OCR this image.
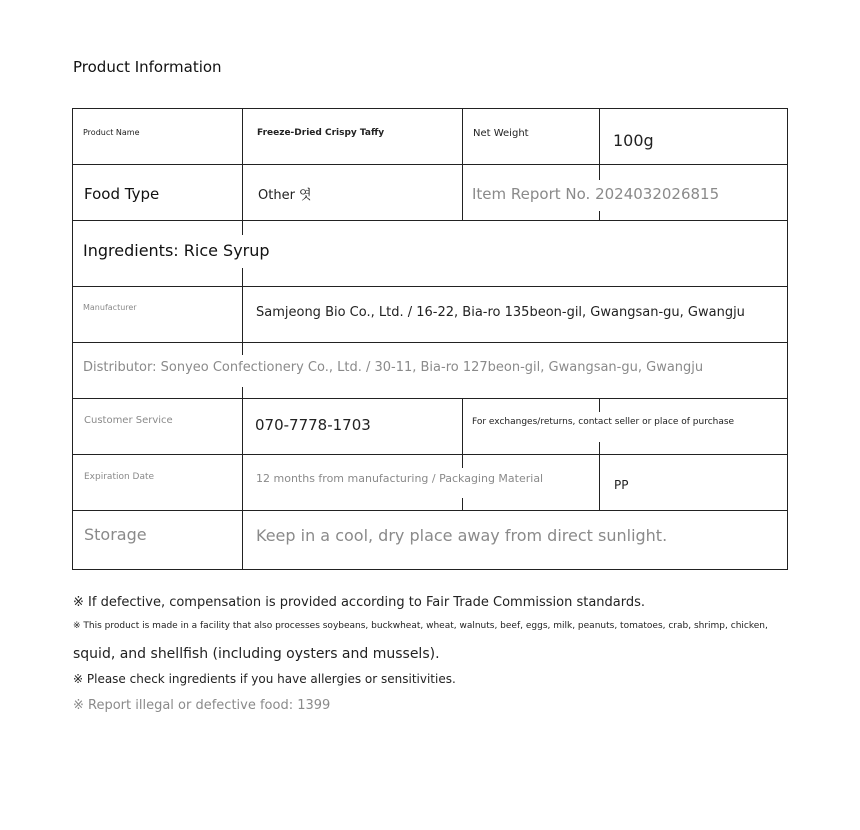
Product Information
Product Name	Freeze-Dried Crispy Taffy	Net Weight	100g
Food Type	Other 엿	Item Report No. 2024032026815
Ingredients: Rice Syrup
Manufacturer	Samjeong Bio Co., Ltd. / 16-22, Bia-ro 135beon-gil, Gwangsan-gu, Gwangju
Distributor: Sonyeo Confectionery Co., Ltd. / 30-11, Bia-ro 127beon-gil, Gwangsan-gu, Gwangju
Customer Service	070-7778-1703	For exchanges/returns, contact seller or place of purchase
Expiration Date	12 months from manufacturing / Packaging Material	PP
Storage	Keep in a cool, dry place away from direct sunlight.
※ If defective, compensation is provided according to Fair Trade Commission standards.
※ This product is made in a facility that also processes soybeans, buckwheat, wheat, walnuts, beef, eggs, milk, peanuts, tomatoes, crab, shrimp, chicken,
squid, and shellfish (including oysters and mussels).
※ Please check ingredients if you have allergies or sensitivities.
※ Report illegal or defective food: 1399
